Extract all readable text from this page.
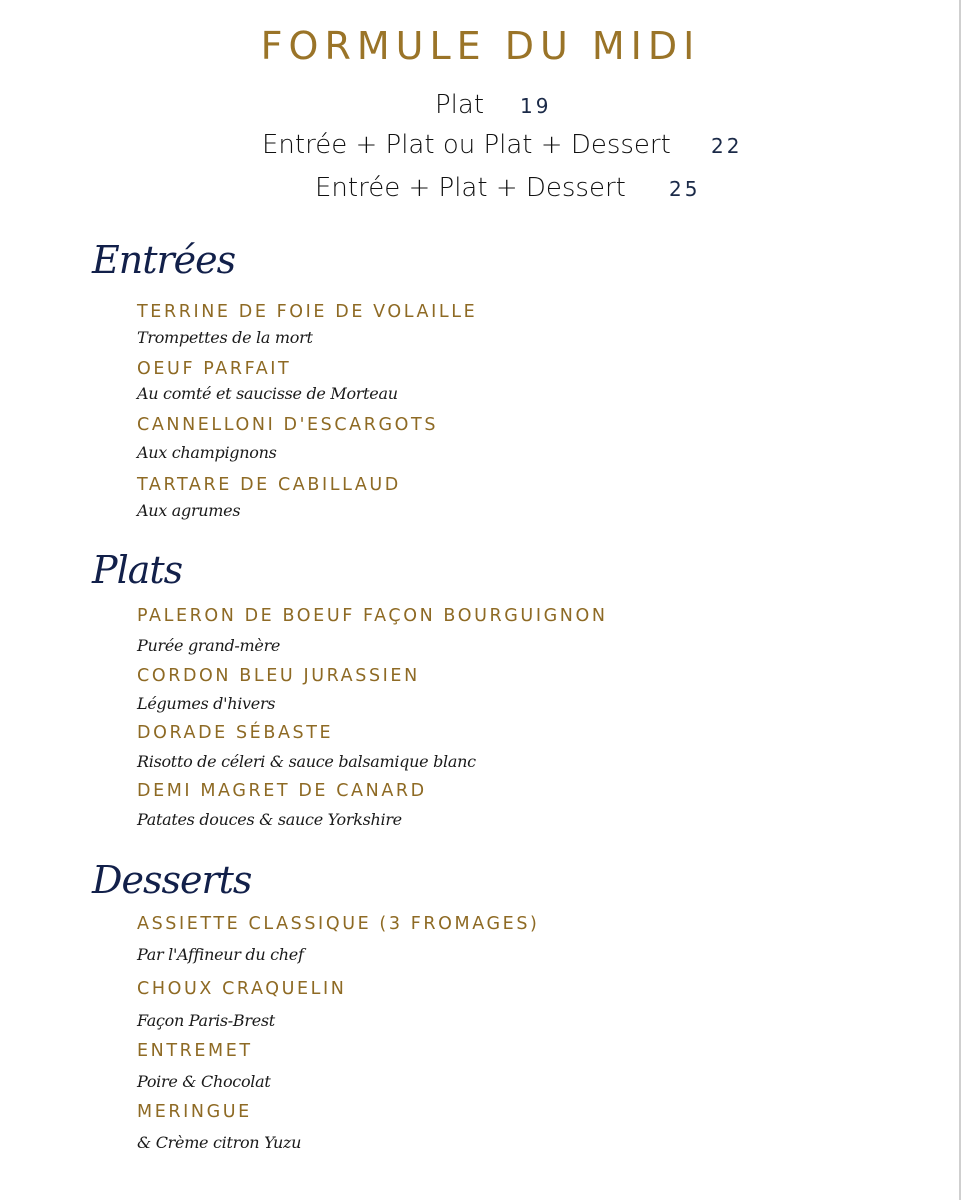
FORMULE DU MIDI
Plat 19
Entrée + Plat ou Plat + Dessert 22
Entrée + Plat + Dessert 25
Entrées
TERRINE DE FOIE DE VOLAILLE
Trompettes de la mort
OEUF PARFAIT
Au comté et saucisse de Morteau
CANNELLONI D'ESCARGOTS
Aux champignons
TARTARE DE CABILLAUD
Aux agrumes
Plats
PALERON DE BOEUF FAÇON BOURGUIGNON
Purée grand-mère
CORDON BLEU JURASSIEN
Légumes d'hivers
DORADE SÉBASTE
Risotto de céleri & sauce balsamique blanc
DEMI MAGRET DE CANARD
Patates douces & sauce Yorkshire
Desserts
ASSIETTE CLASSIQUE (3 FROMAGES)
Par l'Affineur du chef
CHOUX CRAQUELIN
Façon Paris-Brest
ENTREMET
Poire & Chocolat
MERINGUE
& Crème citron Yuzu
